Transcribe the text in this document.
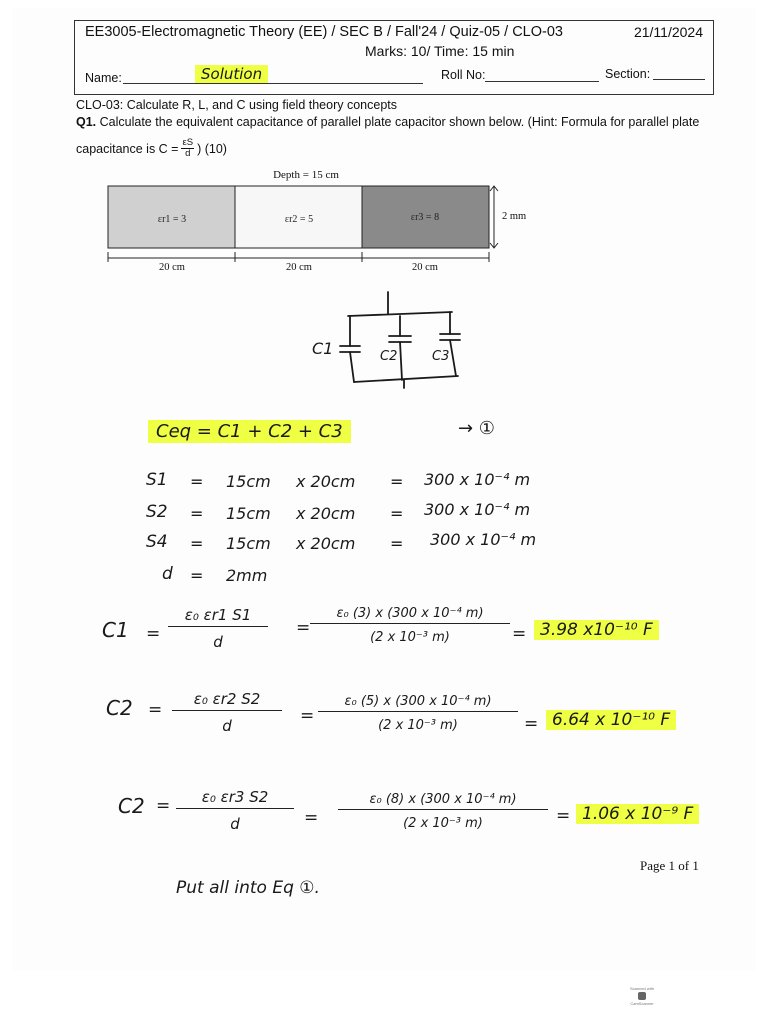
EE3005-Electromagnetic Theory (EE) / SEC B / Fall'24 / Quiz-05 / CLO-03	21/11/2024
Marks: 10/ Time: 15 min
Name:	Solution	Roll No:	Section:
CLO-03: Calculate R, L, and C using field theory concepts
Q1. Calculate the equivalent capacitance of parallel plate capacitor shown below. (Hint: Formula for parallel plate
capacitance is $C = \frac{\varepsilon S}{d}$ ) (10)
Depth = 15 cm
εr1 = 3	εr2 = 5	εr3 = 8	2 mm
20 cm	20 cm	20 cm
C1	C2	C3
Ceq = C1 + C2 + C3	→ ①
S1 = 15cm x 20cm = 300 x 10⁻⁴ m
S2 = 15cm x 20cm = 300 x 10⁻⁴ m
S4 = 15cm x 20cm = 300 x 10⁻⁴ m
d = 2mm
$C1 = \frac{\text{ε₀ εr1 S1}}{d} = \frac{\text{ε₀ (3) x (300 x 10⁻⁴ m)}}{\text{(2 x 10⁻³ m)}} = 3.98$ x10⁻¹⁰ F
$C2 = \frac{\text{ε₀ εr2 S2}}{d} = \frac{\text{ε₀ (5) x (300 x 10⁻⁴ m)}}{\text{(2 x 10⁻³ m)}} = 6.64$ x 10⁻¹⁰ F
$C2 = \frac{\text{ε₀ εr3 S2}}{d} = \frac{\text{ε₀ (8) x (300 x 10⁻⁴ m)}}{\text{(2 x 10⁻³ m)}} = 1.06$ x 10⁻⁹ F
Put all into Eq ①.
Page 1 of 1
Scanned with
CamScanner
